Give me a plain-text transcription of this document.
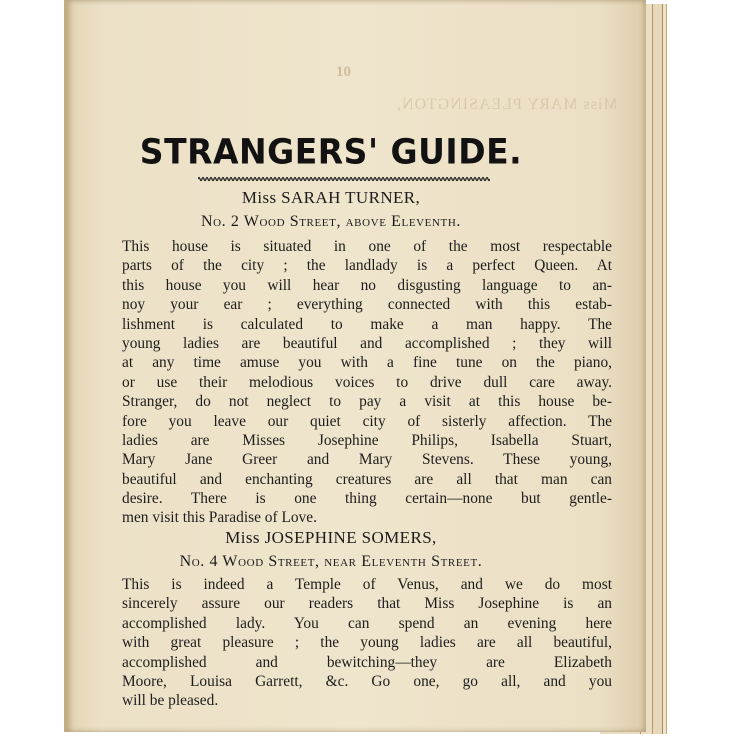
10
Miss MARY PLEASINGTON,
STRANGERS' GUIDE.
Miss SARAH TURNER,
No. 2 Wood Street, above Eleventh.
This house is situated in one of the most respectable
parts of the city ; the landlady is a perfect Queen. At
this house you will hear no disgusting language to an-
noy your ear ; everything connected with this estab-
lishment is calculated to make a man happy. The
young ladies are beautiful and accomplished ; they will
at any time amuse you with a fine tune on the piano,
or use their melodious voices to drive dull care away.
Stranger, do not neglect to pay a visit at this house be-
fore you leave our quiet city of sisterly affection. The
ladies are Misses Josephine Philips, Isabella Stuart,
Mary Jane Greer and Mary Stevens. These young,
beautiful and enchanting creatures are all that man can
desire. There is one thing certain—none but gentle-
men visit this Paradise of Love.
Miss JOSEPHINE SOMERS,
No. 4 Wood Street, near Eleventh Street.
This is indeed a Temple of Venus, and we do most
sincerely assure our readers that Miss Josephine is an
accomplished lady. You can spend an evening here
with great pleasure ; the young ladies are all beautiful,
accomplished and bewitching—they are Elizabeth
Moore, Louisa Garrett, &c. Go one, go all, and you
will be pleased.
